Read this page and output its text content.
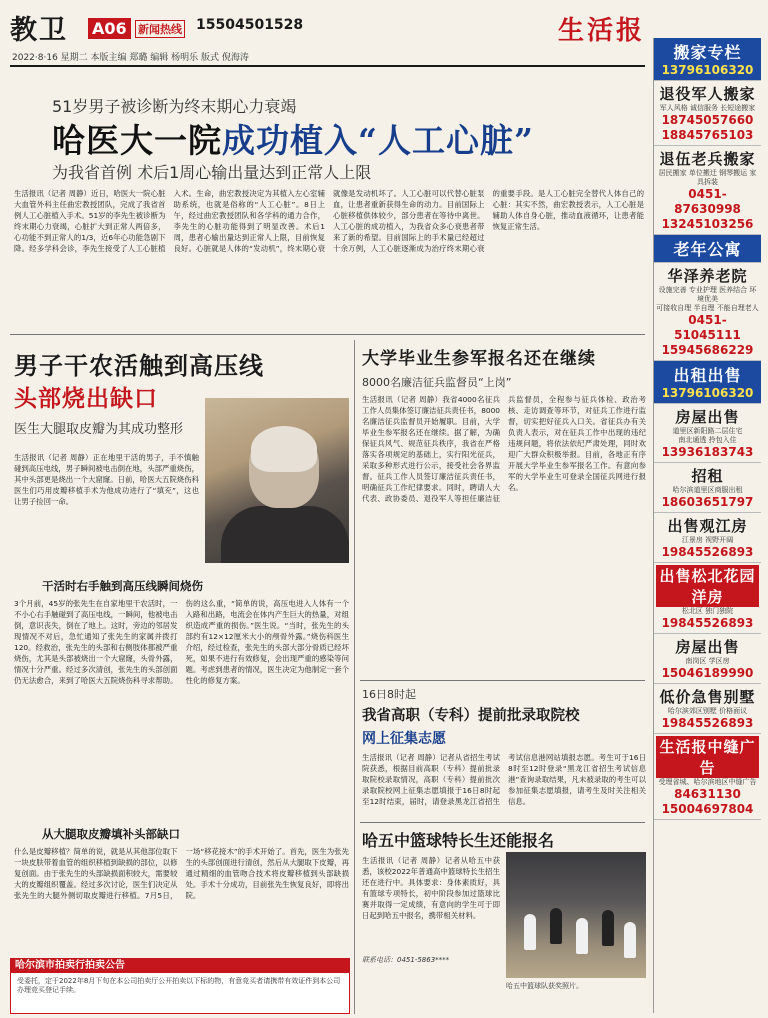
教卫 A06	新闻热线 15504501528	生活报
2022·8·16 星期二 本版主编 郑璐 编辑 杨明乐 版式 倪海涛
51岁男子被诊断为终末期心力衰竭
哈医大一院成功植入“人工心脏”
为我省首例 术后1周心输出量达到正常人上限
生活报讯（记者 周静）近日，哈医大一院心脏大血管外科主任曲宏教授团队，完成了我省首例人工心脏植入手术。51岁的李先生被诊断为终末期心力衰竭，心脏扩大到正常人两倍多，心功能不到正常人的1/3，近6年心功能急剧下降。经多学科会诊，李先生接受了人工心脏植入术。生命，曲宏教授决定为其植入左心室辅助系统，也就是俗称的“人工心脏”。8日上午，经过曲宏教授团队和各学科的通力合作，李先生的心脏功能得到了明显改善。术后1周，患者心输出量达到正常人上限，目前恢复良好。心脏就是人体的“发动机”，终末期心衰就像是发动机坏了。人工心脏可以代替心脏泵血，让患者重新获得生命的动力。目前国际上心脏移植供体较少，部分患者在等待中离世。人工心脏的成功植入，为我省众多心衰患者带来了新的希望。目前国际上的手术量已经超过十余万例，人工心脏逐渐成为治疗终末期心衰的重要手段。是人工心脏完全替代人体自己的心脏：其实不然，曲宏教授表示，人工心脏是辅助人体自身心脏，推动血液循环，让患者能恢复正常生活。
男子干农活触到高压线
头部烧出缺口
医生大腿取皮瓣为其成功整形
生活报讯（记者 周静）正在地里干活的男子，手不慎触碰到高压电线，男子瞬间被电击倒在地，头部严重烧伤，其中头部更是烧出一个大窟窿。日前，哈医大五院烧伤科医生们巧用皮瓣移植手术为他成功进行了“填充”，这也让男子捡回一命。
干活时右手触到高压线瞬间烧伤
3个月前，45岁的张先生在自家地里干农活时，一不小心右手触碰到了高压电线，一瞬间，他被电击倒，意识丧失，倒在了地上。这时，旁边的邻居发现情况不对后，急忙通知了张先生的家属并拨打120。经救治，张先生的头部和右侧肢体都被严重烧伤，尤其是头部被烧出一个大窟窿，头骨外露，情况十分严重。经过多次清创，张先生的头部创面仍无法愈合，来到了哈医大五院烧伤科寻求帮助。伤的这么重，“简单的说，高压电进入人体有一个入路和出路，电流会在体内产生巨大的热量，对组织造成严重的损伤。”医生说。“当时，张先生的头部约有12×12厘米大小的颅骨外露。”烧伤科医生介绍，经过检查，张先生的头部大部分骨质已经坏死，如果不进行有效修复，会出现严重的感染等问题。考虑到患者的情况，医生决定为他制定一套个性化的修复方案。
从大腿取皮瓣填补头部缺口
什么是皮瓣移植？简单的说，就是从其他部位取下一块皮肤带着血管的组织移植到缺损的部位，以修复创面。由于张先生的头部缺损面积较大，需要较大的皮瓣组织覆盖。经过多次讨论，医生们决定从张先生的大腿外侧切取皮瓣进行移植。7月5日，一场“移花接木”的手术开始了。首先，医生为张先生的头部创面进行清创，然后从大腿取下皮瓣，再通过精细的血管吻合技术将皮瓣移植到头部缺损处。手术十分成功，目前张先生恢复良好，即将出院。
哈尔滨市拍卖行拍卖公告
受委托，定于2022年8月下旬在本公司拍卖厅公开拍卖以下标的物，有意竞买者请携带有效证件到本公司办理竞买登记手续。
大学毕业生参军报名还在继续
8000名廉洁征兵监督员“上岗”
生活报讯（记者 周静）我省4000名征兵工作人员集体签订廉洁征兵责任书，8000名廉洁征兵监督员开始履职。目前，大学毕业生参军报名还在继续。据了解，为确保征兵风气、规范征兵秩序，我省在严格落实各项规定的基础上，实行阳光征兵，采取多种形式进行公示，接受社会各界监督。征兵工作人员签订廉洁征兵责任书，明确征兵工作纪律要求。同时，聘请人大代表、政协委员、退役军人等担任廉洁征兵监督员，全程参与征兵体检、政治考核、走访调查等环节，对征兵工作进行监督，切实把好征兵入口关。省征兵办有关负责人表示，对在征兵工作中出现的违纪违规问题，将依法依纪严肃处理，同时欢迎广大群众积极举报。目前，各地正有序开展大学毕业生参军报名工作。有意向参军的大学毕业生可登录全国征兵网进行报名。
16日8时起
我省高职（专科）提前批录取院校
网上征集志愿
生活报讯（记者 周静）记者从省招生考试院获悉，根据目前高职（专科）提前批录取院校录取情况，高职（专科）提前批次录取院校网上征集志愿填报于16日8时起至12时结束，届时，请登录黑龙江省招生考试信息港网站填报志愿。考生可于16日8时至12时登录“黑龙江省招生考试信息港”查询录取结果，凡未被录取的考生可以参加征集志愿填报，请考生及时关注相关信息。
哈五中篮球特长生还能报名
生活报讯（记者 周静）记者从哈五中获悉，该校2022年普通高中篮球特长生招生还在进行中。具体要求：身体素质好，具有篮球专项特长，初中阶段参加过篮球比赛并取得一定成绩，有意向的学生可于即日起到哈五中报名，携带相关材料。
联系电话：0451-5863****
哈五中篮球队获奖照片。
搬家专栏
13796106320
退役军人搬家

军人风格 诚信服务 长短途搬家

18745057660
18845765103
退伍老兵搬家

居民搬家 单位搬迁 钢琴搬运 家具拆装

0451-87630998
13245103256
老年公寓
华泽养老院

设施完善 专业护理 医养结合 环境优美

可接收自理 半自理 不能自理老人

0451-51045111
15945686229
出租出售
13796106320
房屋出售

道里区新阳路二层住宅

南北通透 拎包入住

13936183743
招租

哈尔滨道里区商服出租

18603651797
出售观江房

江景房 视野开阔

19845526893
出售松北花园洋房

松北区 独门独院

19845526893
房屋出售

南岗区 学区房

15046189990
低价急售别墅

哈尔滨郊区别墅 价格面议

19845526893
生活报中缝广告

受理省城、哈尔滨地区中缝广告

84631130
15004697804
